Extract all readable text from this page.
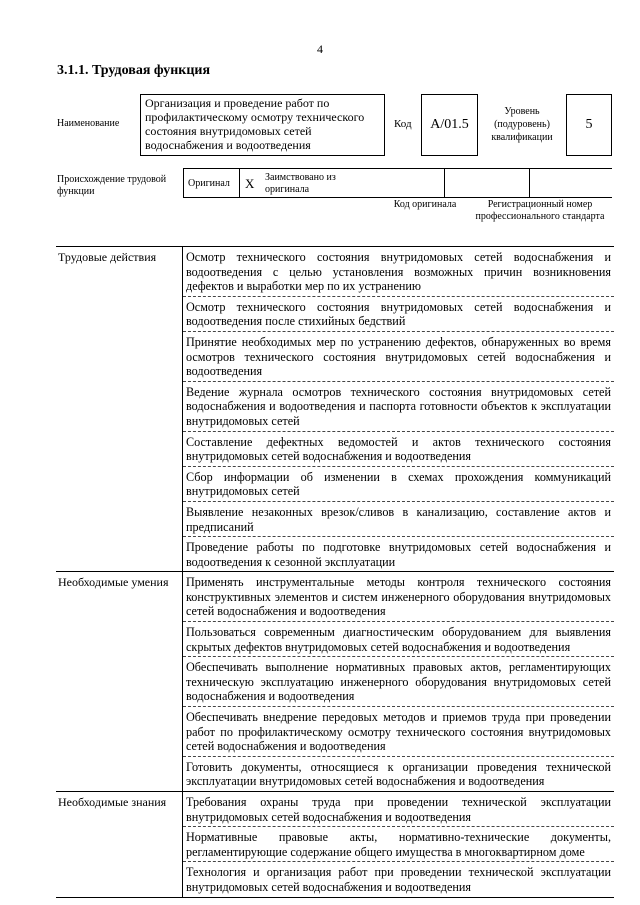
4
3.1.1. Трудовая функция
Наименование
Организация и проведение работ по профилактическому осмотру технического состояния внутридомовых сетей водоснабжения и водоотведения
Код	А/01.5
Уровень (подуровень) квалификации
5
Происхождение трудовой функции
Оригинал X Заимствовано из оригинала
Код оригинала	Регистрационный номер профессионального стандарта
Трудовые действия	Осмотр технического состояния внутридомовых сетей водоснабжения и водоотведения с целью установления возможных причин возникновения дефектов и выработки мер по их устранению
Осмотр технического состояния внутридомовых сетей водоснабжения и водоотведения после стихийных бедствий
Принятие необходимых мер по устранению дефектов, обнаруженных во время осмотров технического состояния внутридомовых сетей водоснабжения и водоотведения
Ведение журнала осмотров технического состояния внутридомовых сетей водоснабжения и водоотведения и паспорта готовности объектов к эксплуатации внутридомовых сетей
Составление дефектных ведомостей и актов технического состояния внутридомовых сетей водоснабжения и водоотведения
Сбор информации об изменении в схемах прохождения коммуникаций внутридомовых сетей
Выявление незаконных врезок/сливов в канализацию, составление актов и предписаний
Проведение работы по подготовке внутридомовых сетей водоснабжения и водоотведения к сезонной эксплуатации
Необходимые умения	Применять инструментальные методы контроля технического состояния конструктивных элементов и систем инженерного оборудования внутридомовых сетей водоснабжения и водоотведения
Пользоваться современным диагностическим оборудованием для выявления скрытых дефектов внутридомовых сетей водоснабжения и водоотведения
Обеспечивать выполнение нормативных правовых актов, регламентирующих техническую эксплуатацию инженерного оборудования внутридомовых сетей водоснабжения и водоотведения
Обеспечивать внедрение передовых методов и приемов труда при проведении работ по профилактическому осмотру технического состояния внутридомовых сетей водоснабжения и водоотведения
Готовить документы, относящиеся к организации проведения технической эксплуатации внутридомовых сетей водоснабжения и водоотведения
Необходимые знания	Требования охраны труда при проведении технической эксплуатации внутридомовых сетей водоснабжения и водоотведения
Нормативные правовые акты, нормативно-технические документы, регламентирующие содержание общего имущества в многоквартирном доме
Технология и организация работ при проведении технической эксплуатации внутридомовых сетей водоснабжения и водоотведения
